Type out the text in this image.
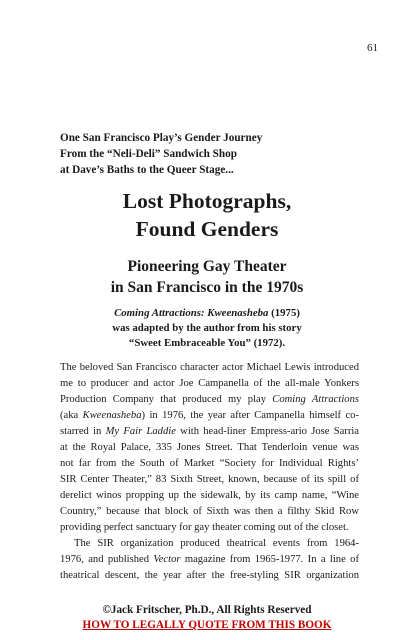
61
One San Francisco Play’s Gender Journey
From the “Neli-Deli” Sandwich Shop
at Dave’s Baths to the Queer Stage...
Lost Photographs,
Found Genders
Pioneering Gay Theater
in San Francisco in the 1970s
Coming Attractions: Kweenasheba (1975)
was adapted by the author from his story
“Sweet Embraceable You” (1972).
The beloved San Francisco character actor Michael Lewis introduced
me to producer and actor Joe Campanella of the all-male Yonkers
Production Company that produced my play Coming Attractions
(aka Kweenasheba) in 1976, the year after Campanella himself co-
starred in My Fair Laddie with head-liner Empress-ario Jose Sarria
at the Royal Palace, 335 Jones Street. That Tenderloin venue was
not far from the South of Market “Society for Individual Rights’
SIR Center Theater,” 83 Sixth Street, known, because of its spill of
derelict winos propping up the sidewalk, by its camp name, “Wine
Country,” because that block of Sixth was then a filthy Skid Row
providing perfect sanctuary for gay theater coming out of the closet.
The SIR organization produced theatrical events from 1964-
1976, and published Vector magazine from 1965-1977. In a line of
theatrical descent, the year after the free-styling SIR organization
©Jack Fritscher, Ph.D., All Rights Reserved
HOW TO LEGALLY QUOTE FROM THIS BOOK
